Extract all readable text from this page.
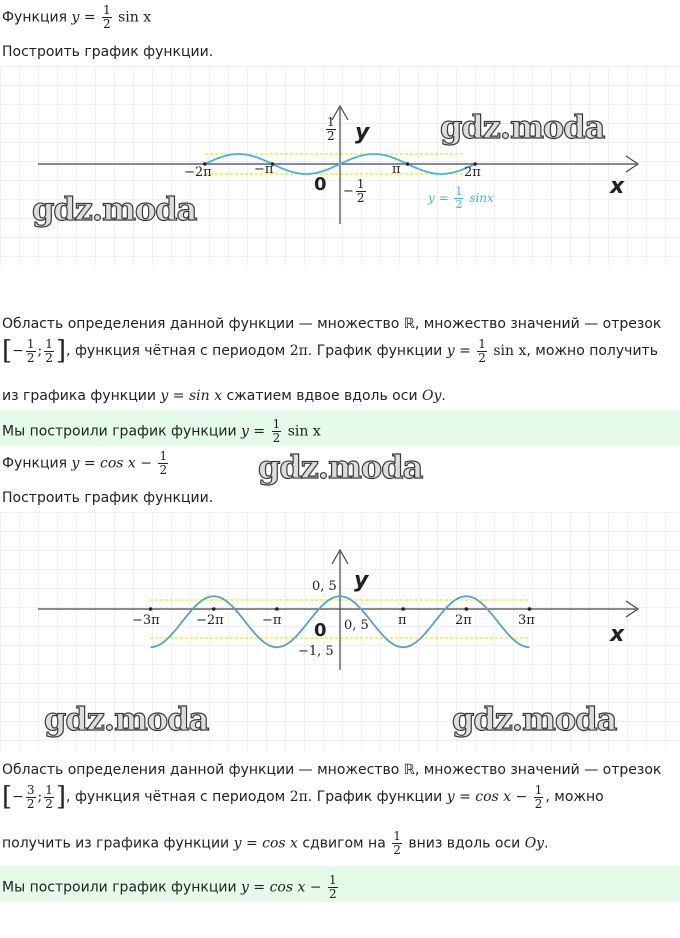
Функция $y = \frac{1}{2}$ sin x
Построить график функции.
$\frac{1}{2}$ y
$0 - \frac{1}{2}$
−2π	−π	π	2π
x
$y = \frac{1}{2}$ sinx
gdz.moda
gdz.moda
Область определения данной функции — множество ℝ, множество значений — отрезок
[− $\frac{1}{2}$ ; $\frac{1}{2}$ ], функция чётная с периодом 2π. График функции $y = \frac{1}{2}$ sin x, можно получить
из графика функции y = sin x сжатием вдвое вдоль оси Oy.
Мы построили график функции $y = \frac{1}{2}$ sin x
Функция $y = \cos x - \frac{1}{2}$	gdz.moda
Построить график функции.
y
0, 5
0 0, 5
−1, 5
−3π	−2π	−π	π	2π	3π
x
gdz.moda	gdz.moda
Область определения данной функции — множество ℝ, множество значений — отрезок
[− $\frac{3}{2}$ ; $\frac{1}{2}$ ], функция чётная с периодом 2π. График функции $y = \cos x - \frac{1}{2}$ , можно
получить из графика функции y = cos x сдвигом на $\frac{1}{2}$ вниз вдоль оси Oy.
Мы построили график функции $y = \cos x - \frac{1}{2}$
